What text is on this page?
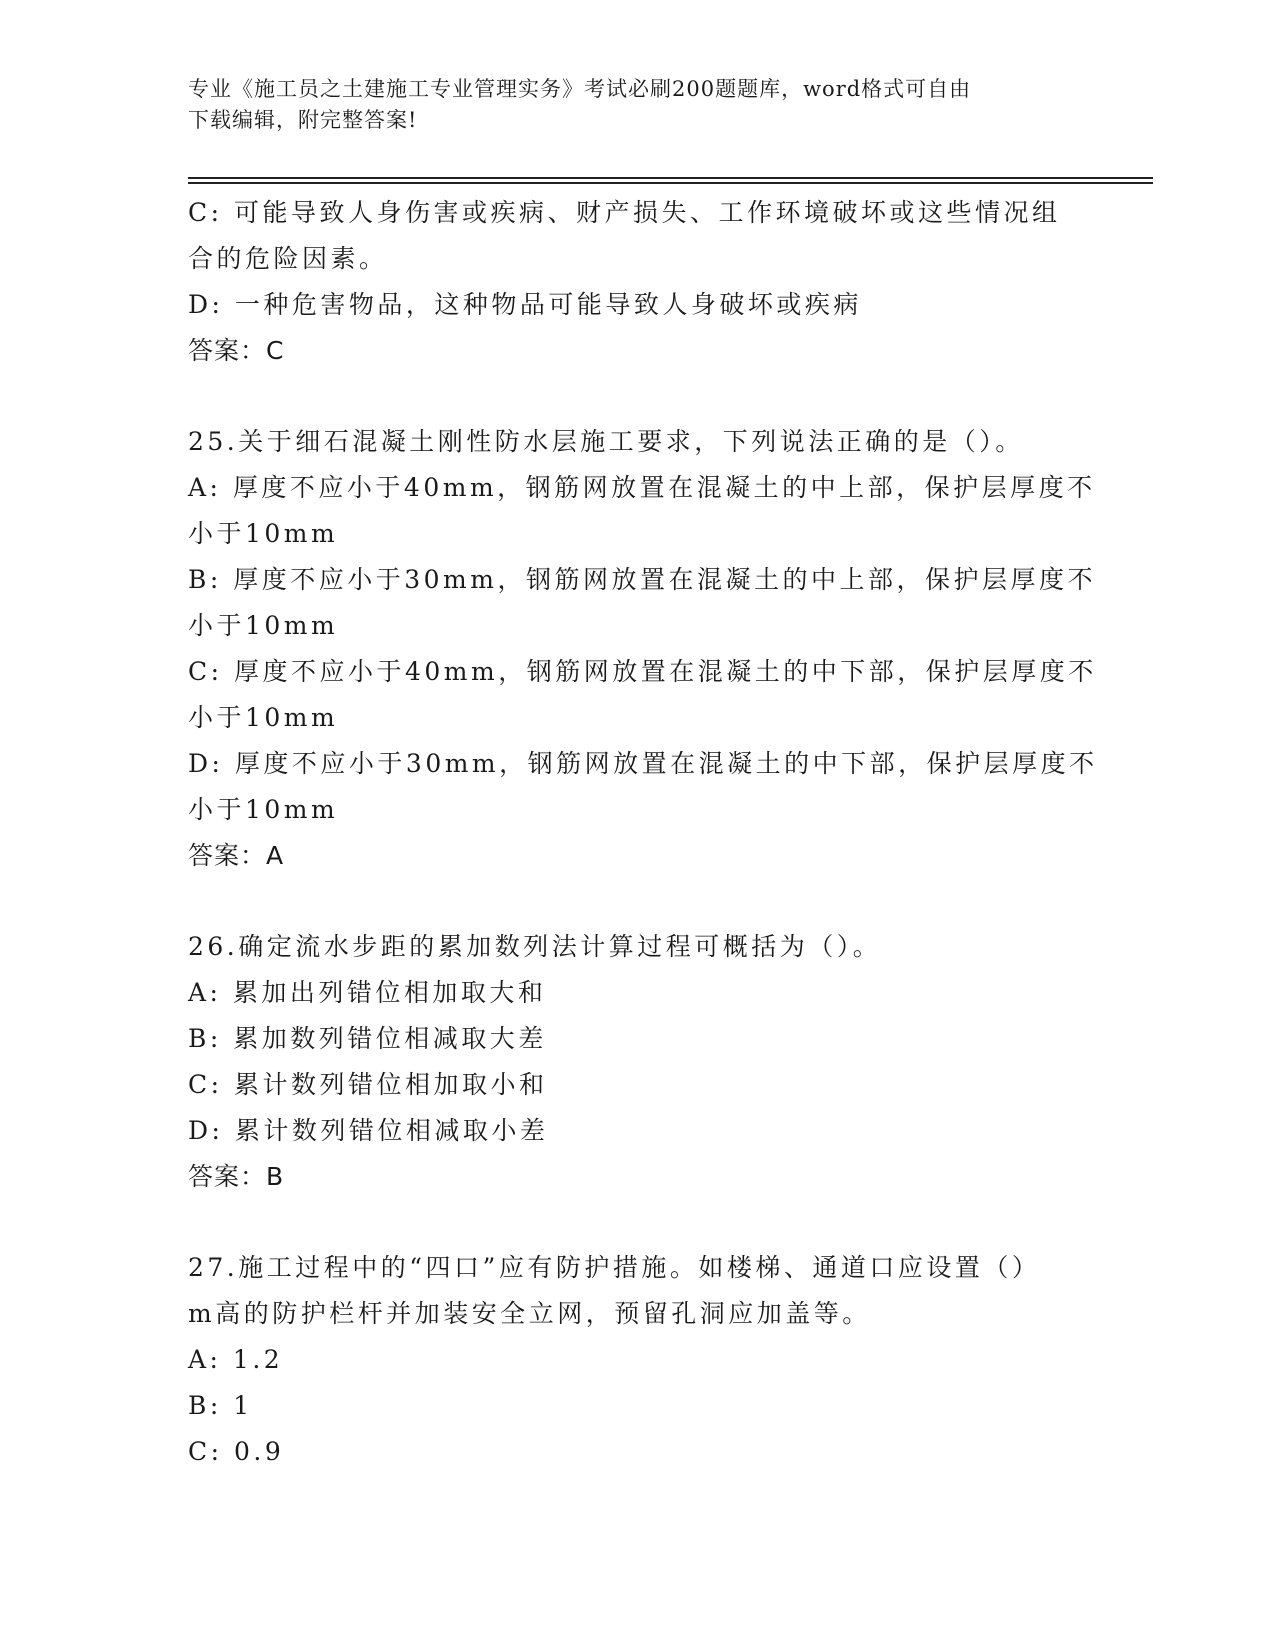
专业《施工员之土建施工专业管理实务》考试必刷200题题库，word格式可自由
下载编辑，附完整答案!

C: 可能导致人身伤害或疾病、财产损失、工作环境破坏或这些情况组

合的危险因素。

D: 一种危害物品，这种物品可能导致人身破坏或疾病

答案：C

25.关于细石混凝土刚性防水层施工要求，下列说法正确的是（）。

A: 厚度不应小于40mm，钢筋网放置在混凝土的中上部，保护层厚度不

小于10mm

B: 厚度不应小于30mm，钢筋网放置在混凝土的中上部，保护层厚度不

小于10mm

C: 厚度不应小于40mm，钢筋网放置在混凝土的中下部，保护层厚度不

小于10mm

D: 厚度不应小于30mm，钢筋网放置在混凝土的中下部，保护层厚度不

小于10mm

答案：A

26.确定流水步距的累加数列法计算过程可概括为（）。

A: 累加出列错位相加取大和

B: 累加数列错位相减取大差

C: 累计数列错位相加取小和

D: 累计数列错位相减取小差

答案：B

27.施工过程中的“四口”应有防护措施。如楼梯、通道口应设置（）

m高的防护栏杆并加装安全立网，预留孔洞应加盖等。

A: 1.2

B: 1

C: 0.9
